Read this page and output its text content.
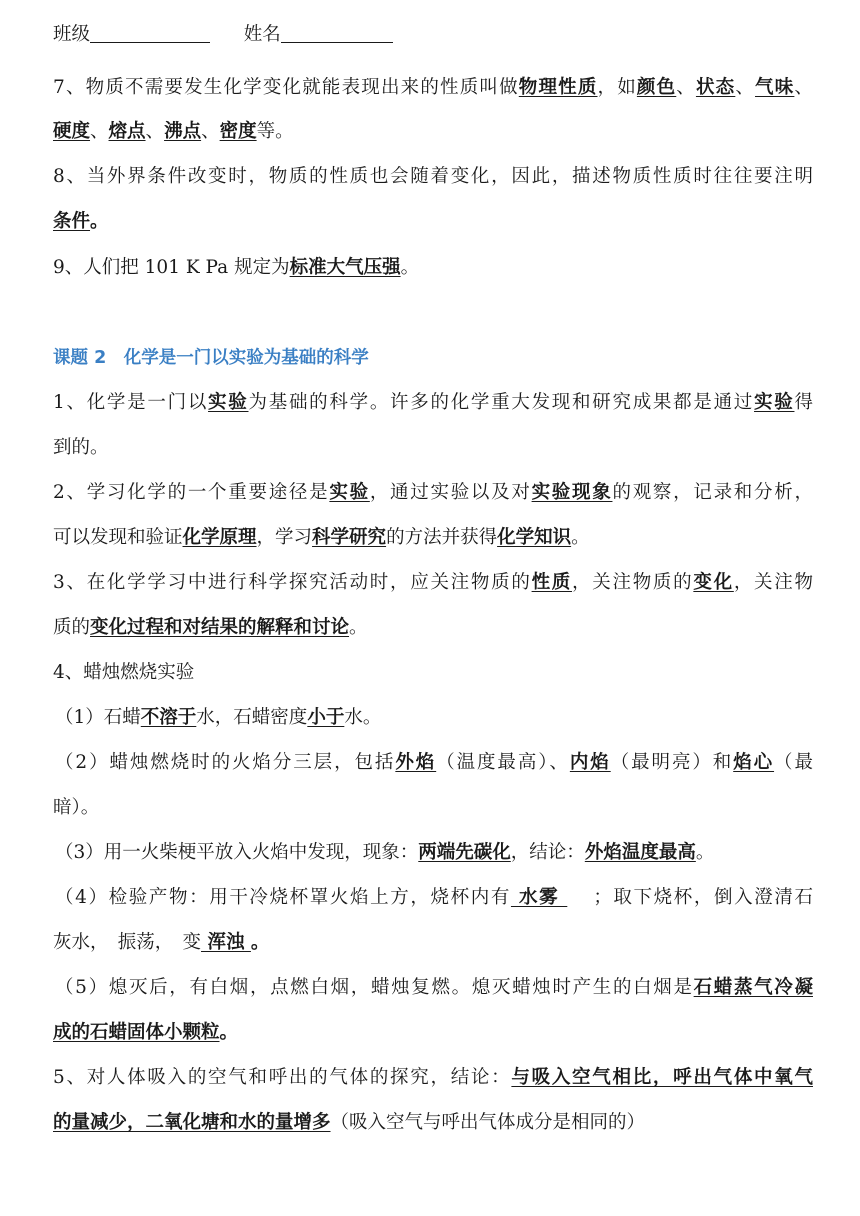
班级	姓名
7、物质不需要发生化学变化就能表现出来的性质叫做物理性质，如颜色、状态、气味、
硬度、熔点、沸点、密度等。
8、当外界条件改变时，物质的性质也会随着变化，因此，描述物质性质时往往要注明
条件。
9、人们把 101 K Pa 规定为标准大气压强。
课题 2　化学是一门以实验为基础的科学
1、化学是一门以实验为基础的科学。许多的化学重大发现和研究成果都是通过实验得
到的。
2、学习化学的一个重要途径是实验，通过实验以及对实验现象的观察，记录和分析，
可以发现和验证化学原理，学习科学研究的方法并获得化学知识。
3、在化学学习中进行科学探究活动时，应关注物质的性质，关注物质的变化，关注物
质的变化过程和对结果的解释和讨论。
4、蜡烛燃烧实验
（1）石蜡不溶于水，石蜡密度小于水。
（2）蜡烛燃烧时的火焰分三层，包括外焰（温度最高）、内焰（最明亮）和焰心（最
暗）。
（3）用一火柴梗平放入火焰中发现，现象：两端先碳化，结论：外焰温度最高。
（4）检验产物：用干冷烧杯罩火焰上方，烧杯内有 水雾 ；取下烧杯，倒入澄清石
灰水，　振荡，　变 浑浊 。
（5）熄灭后，有白烟，点燃白烟，蜡烛复燃。熄灭蜡烛时产生的白烟是石蜡蒸气冷凝
成的石蜡固体小颗粒。
5、对人体吸入的空气和呼出的气体的探究，结论：与吸入空气相比，呼出气体中氧气
的量减少，二氧化塘和水的量增多（吸入空气与呼出气体成分是相同的）
